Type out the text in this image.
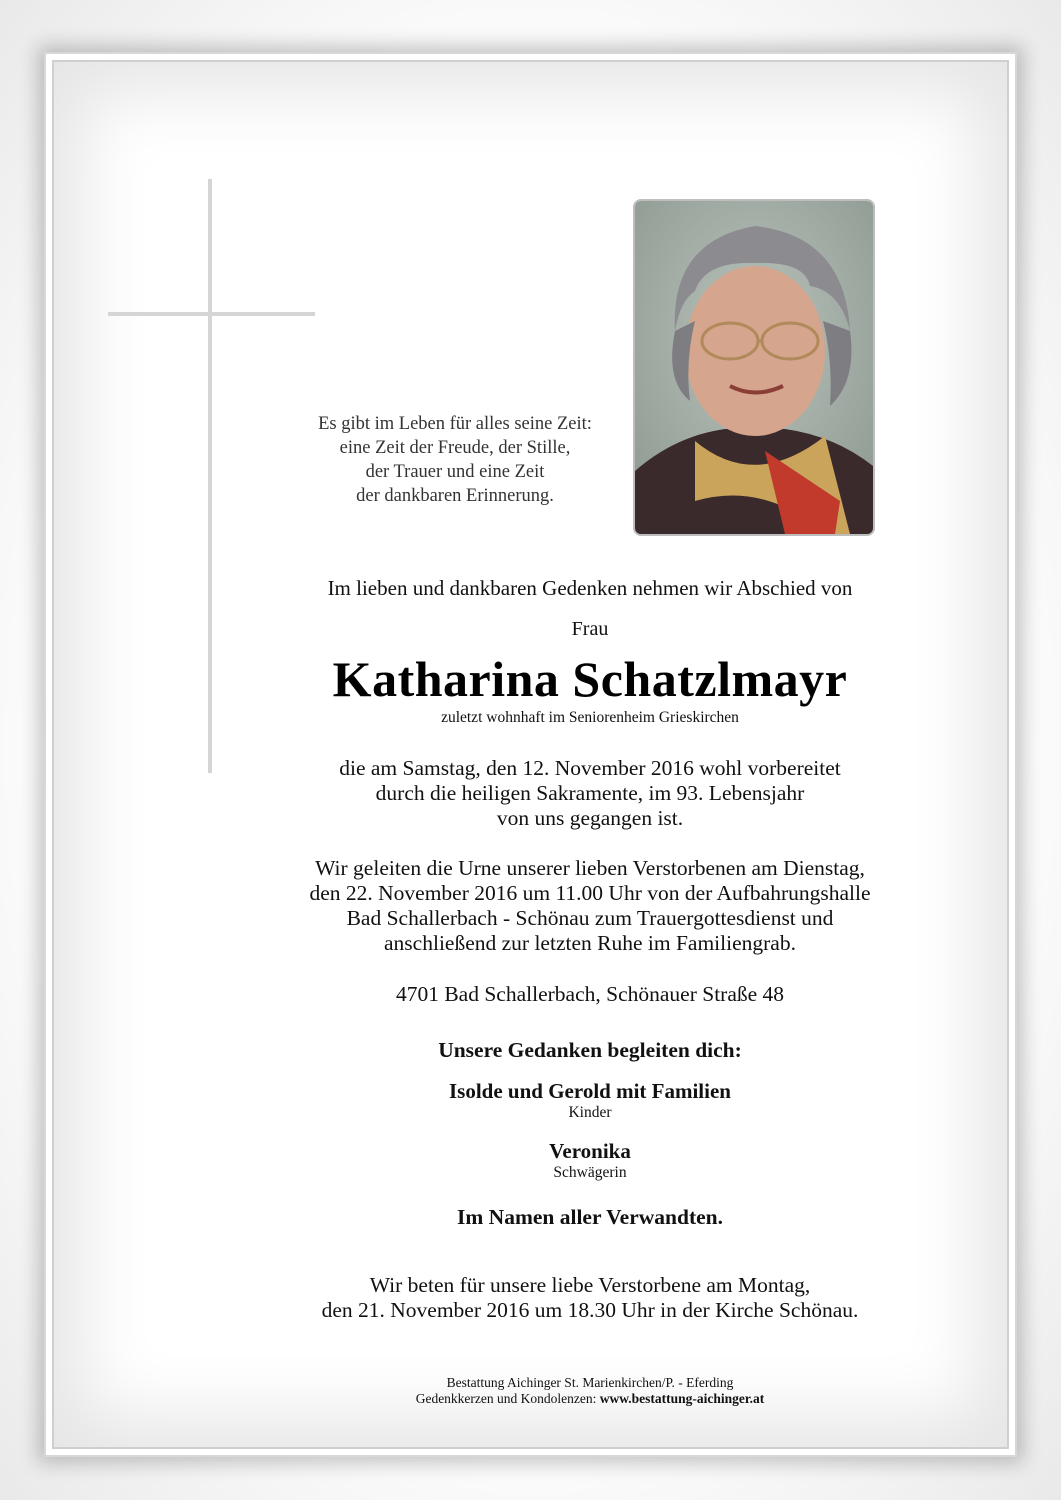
Es gibt im Leben für alles seine Zeit:
eine Zeit der Freude, der Stille,
der Trauer und eine Zeit
der dankbaren Erinnerung.
Im lieben und dankbaren Gedenken nehmen wir Abschied von
Frau
Katharina Schatzlmayr
zuletzt wohnhaft im Seniorenheim Grieskirchen
die am Samstag, den 12. November 2016 wohl vorbereitet
durch die heiligen Sakramente, im 93. Lebensjahr
von uns gegangen ist.
Wir geleiten die Urne unserer lieben Verstorbenen am Dienstag,
den 22. November 2016 um 11.00 Uhr von der Aufbahrungshalle
Bad Schallerbach - Schönau zum Trauergottesdienst und
anschließend zur letzten Ruhe im Familiengrab.
4701 Bad Schallerbach, Schönauer Straße 48
Unsere Gedanken begleiten dich:
Isolde und Gerold mit Familien
Kinder
Veronika
Schwägerin
Im Namen aller Verwandten.
Wir beten für unsere liebe Verstorbene am Montag,
den 21. November 2016 um 18.30 Uhr in der Kirche Schönau.
Bestattung Aichinger St. Marienkirchen/P. - Eferding
Gedenkkerzen und Kondolenzen: www.bestattung-aichinger.at
